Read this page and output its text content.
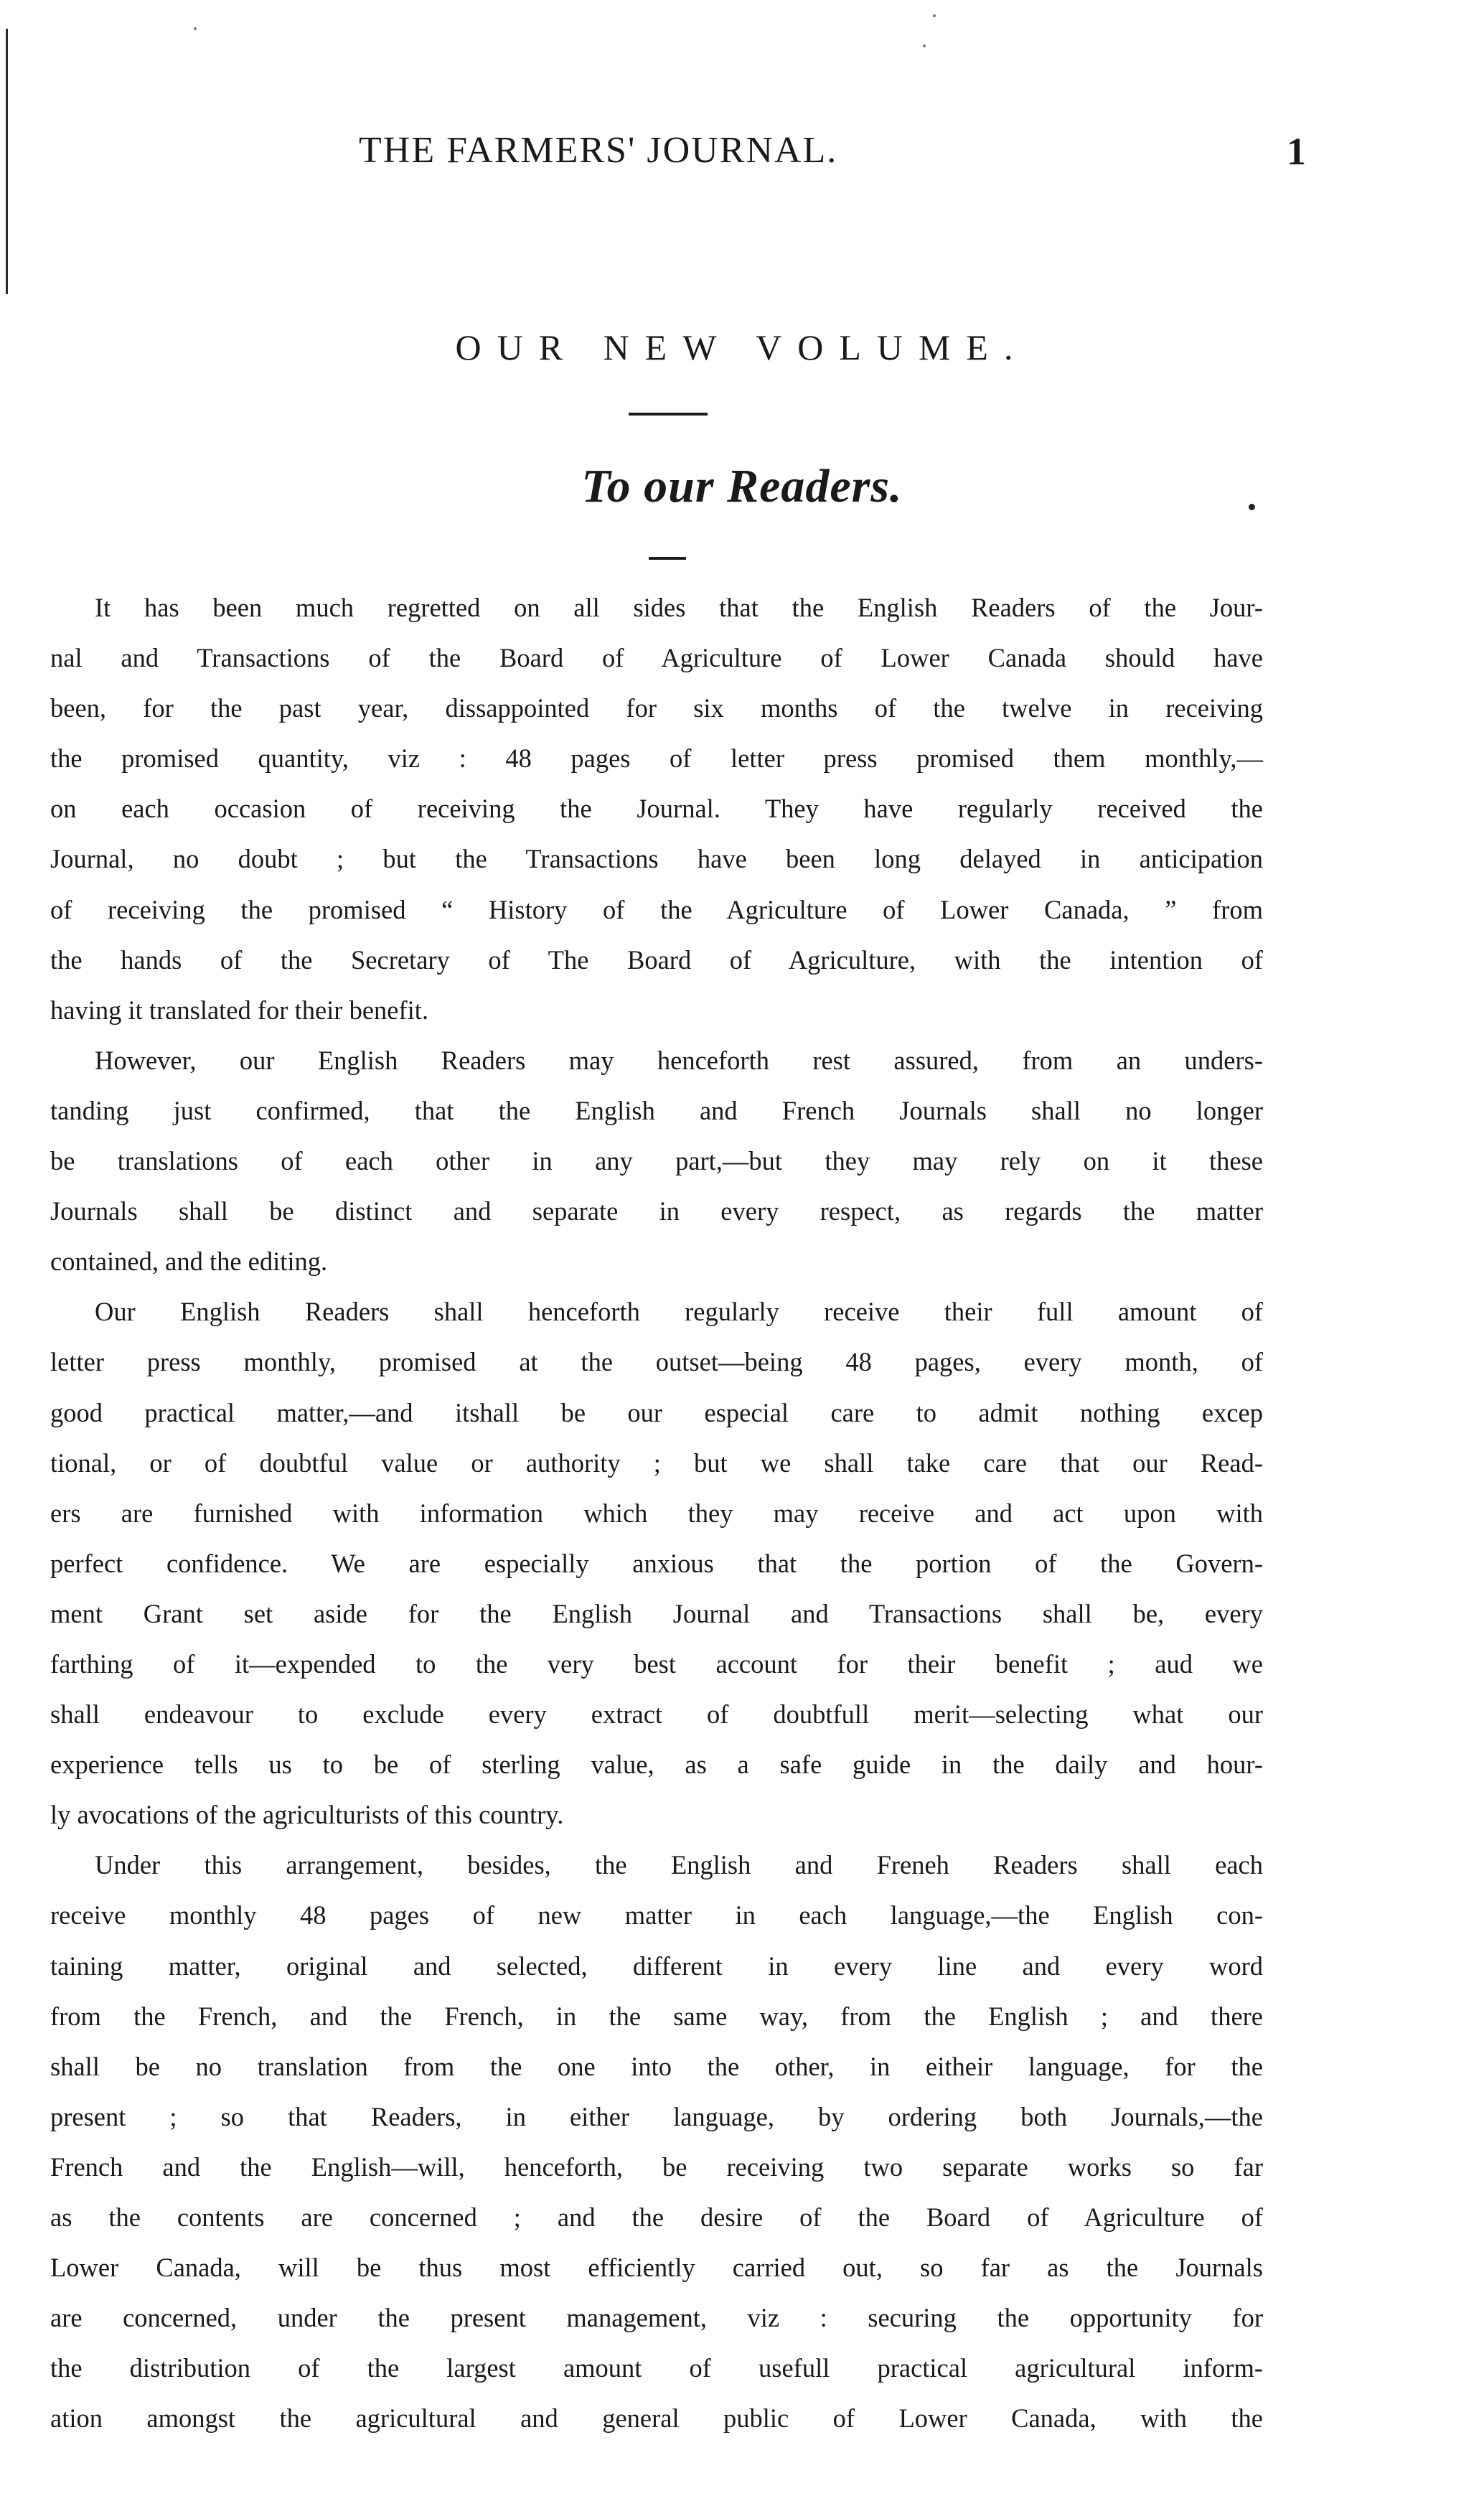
THE FARMERS' JOURNAL.	1
OUR NEW VOLUME.
To our Readers.
It has been much regretted on all sides that the English Readers of the Jour-
nal and Transactions of the Board of Agriculture of Lower Canada should have
been, for the past year, dissappointed for six months of the twelve in receiving
the promised quantity, viz : 48 pages of letter press promised them monthly,—
on each occasion of receiving the Journal. They have regularly received the
Journal, no doubt ; but the Transactions have been long delayed in anticipation
of receiving the promised “ History of the Agriculture of Lower Canada, ” from
the hands of the Secretary of The Board of Agriculture, with the intention of
having it translated for their benefit.
However, our English Readers may henceforth rest assured, from an unders-
tanding just confirmed, that the English and French Journals shall no longer
be translations of each other in any part,—but they may rely on it these
Journals shall be distinct and separate in every respect, as regards the matter
contained, and the editing.
Our English Readers shall henceforth regularly receive their full amount of
letter press monthly, promised at the outset—being 48 pages, every month, of
good practical matter,—and itshall be our especial care to admit nothing excep
tional, or of doubtful value or authority ; but we shall take care that our Read-
ers are furnished with information which they may receive and act upon with
perfect confidence. We are especially anxious that the portion of the Govern-
ment Grant set aside for the English Journal and Transactions shall be, every
farthing of it—expended to the very best account for their benefit ; aud we
shall endeavour to exclude every extract of doubtfull merit—selecting what our
experience tells us to be of sterling value, as a safe guide in the daily and hour-
ly avocations of the agriculturists of this country.
Under this arrangement, besides, the English and Freneh Readers shall each
receive monthly 48 pages of new matter in each language,—the English con-
taining matter, original and selected, different in every line and every word
from the French, and the French, in the same way, from the English ; and there
shall be no translation from the one into the other, in eitheir language, for the
present ; so that Readers, in either language, by ordering both Journals,—the
French and the English—will, henceforth, be receiving two separate works so far
as the contents are concerned ; and the desire of the Board of Agriculture of
Lower Canada, will be thus most efficiently carried out, so far as the Journals
are concerned, under the present management, viz : securing the opportunity for
the distribution of the largest amount of usefull practical agricultural inform-
ation amongst the agricultural and general public of Lower Canada, with the
